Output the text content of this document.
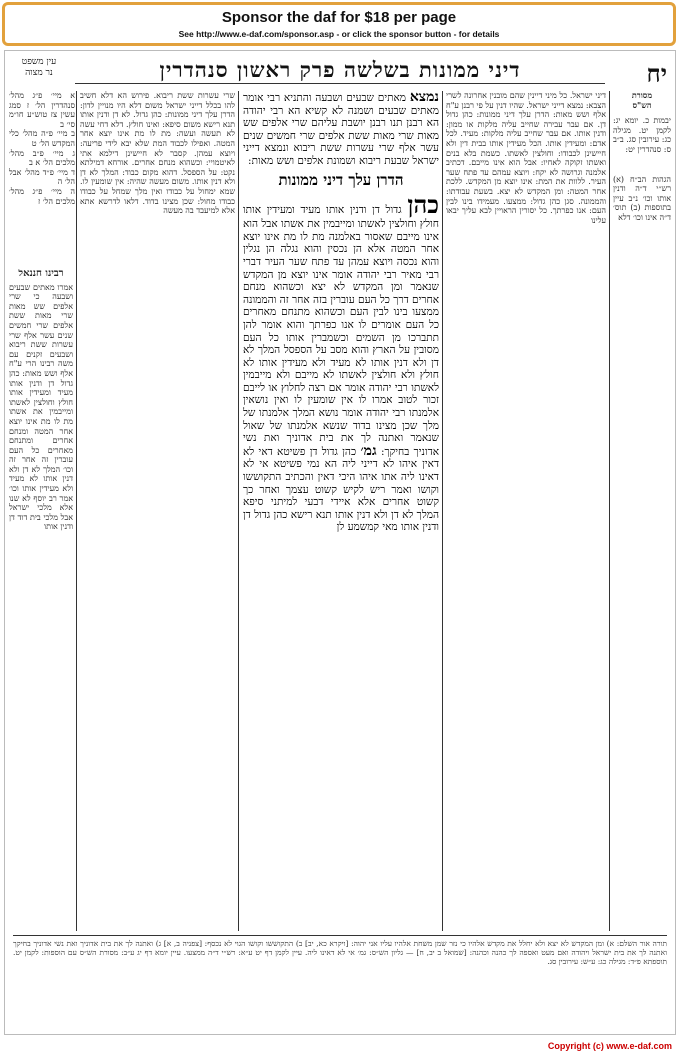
Sponsor the daf for $18 per page
See http://www.e-daf.com/sponsor.asp - or click the sponsor button - for details
יח
דיני ממונות בשלשה פרק ראשון סנהדרין
עין משפט
נר מצוה
א מיי׳ פ״ג מהל׳ סנהדרין הל׳ ז סמג עשין צז טוש״ע חו״מ סי׳ ב
ב מיי׳ פ״ה מהל׳ כלי המקדש הל׳ ט
ג מיי׳ פ״ב מהל׳ מלכים הל׳ א ב
ד מיי׳ פ״ד מהל׳ אבל הל׳ ה
ה מיי׳ פ״ג מהל׳ מלכים הל׳ ז
רבינו חננאל
אמרו מאתים שבעים ושבעה כי שרי אלפים שש מאות שרי מאות ששת אלפים שרי חמשים שנים עשר אלף שרי עשרות ששת ריבוא ושבעים זקנים עם משה רבינו הרי ע"ח אלף ושש מאות: כהן גדול דן ודנין אותו מעיד ומעידין אותו חולץ וחולצין לאשתו ומייבמין את אשתו מת לו מת אינו יוצא אחר המטה ומנחם אחרים ומתנחם מאחרים כל העם עוברין זה אחר זה וכו׳ המלך לא דן ולא דנין אותו לא מעיד ולא מעידין אותו וכו׳ אמר רב יוסף לא שנו אלא מלכי ישראל אבל מלכי בית דוד דן ודנין אותו
שרי עשרות ששת ריבוא. פירוש הא דלא חשיב להו בכלל דייני ישראל משום דלא היו מנויין לדון: הדרן עלך דיני ממונות: כהן גדול. לא דן ודנין אותו תנא רישא משום סיפא: ואינו חולץ. דלא דחי עשה לא תעשה ועשה: מת לו מת אינו יוצא אחר המטה. ואפילו לכבוד המת שלא יבא לידי פריעה: ויוצא עמהן. קסבר לא חיישינן דילמא אתי לאיטמויי: וכשהוא מנחם אחרים. אורחא דמילתא נקט: על הספסל. דהוא מקום כבוד: המלך לא דן ולא דנין אותו. משום מעשה שהיה: אין שומעין לו. שמא ימחול על כבודו ואין מלך שמחל על כבודו כבודו מחול: שכן מצינו בדוד. דלאו לדרשא אתא אלא למיעבד בה מעשה
נמצא מאתים שבעים ושבעה והתניא רבי אומר מאתים שבעים ושמנה לא קשיא הא רבי יהודה הא רבנן תנו רבנן יושבת עליהם שרי אלפים שש מאות שרי מאות ששת אלפים שרי חמשים שנים עשר אלף שרי עשרות ששת ריבוא ונמצא דייני ישראל שבעת ריבוא ושמונת אלפים ושש מאות:
הדרן עלך דיני ממונות
כהן גדול דן ודנין אותו מעיד ומעידין אותו חולץ וחולצין לאשתו ומייבמין את אשתו אבל הוא אינו מייבם שאסור באלמנה מת לו מת אינו יוצא אחר המטה אלא הן נכסין והוא נגלה הן נגלין והוא נכסה ויוצא עמהן עד פתח שער העיר דברי רבי מאיר רבי יהודה אומר אינו יוצא מן המקדש שנאמר ומן המקדש לא יצא וכשהוא מנחם אחרים דרך כל העם עוברין בזה אחר זה והממונה ממצעו בינו לבין העם וכשהוא מתנחם מאחרים כל העם אומרים לו אנו כפרתך והוא אומר להן תתברכו מן השמים וכשמברין אותו כל העם מסובין על הארץ והוא מסב על הספסל המלך לא דן ולא דנין אותו לא מעיד ולא מעידין אותו לא חולץ ולא חולצין לאשתו לא מייבם ולא מייבמין לאשתו רבי יהודה אומר אם רצה לחלוץ או לייבם זכור לטוב אמרו לו אין שומעין לו ואין נושאין אלמנתו רבי יהודה אומר נושא המלך אלמנתו של מלך שכן מצינו בדוד שנשא אלמנתו של שאול שנאמר ואתנה לך את בית אדוניך ואת נשי אדוניך בחיקך: גמ׳ כהן גדול דן פשיטא דאי לא דאין איהו לא דייני ליה הא נמי פשיטא אי לא דאינו ליה אתו איהו היכי דאין והכתיב התקוששו וקושו ואמר ריש לקיש קשוט עצמך ואחר כך קשוט אחרים אלא איידי דבעי למיתני סיפא המלך לא דן ולא דנין אותו תנא רישא כהן גדול דן ודנין אותו מאי קמשמע לן
דיני ישראל. כל מיני דיינין שהם מובנין אחרונה לשרי הצבא: נמצא דייני ישראל. שהיו דנין על פי רבנן ע"ח אלף ושש מאות: הדרן עלך דיני ממונות: כהן גדול דן. אם עבר עבירה שחייב עליה מלקות או ממון: ודנין אותו. אם עבר שחייב עליה מלקות: מעיד. לכל אדם: ומעידין אותו. הכל מעידין אותו בבית דין ולא חיישינן לכבודו: וחולצין לאשתו. כשמת בלא בנים ואשתו זקוקה לאחיו: אבל הוא אינו מייבם. דכתיב אלמנה וגרושה לא יקח: ויוצא עמהם עד פתח שער העיר. ללוות את המת: אינו יוצא מן המקדש. ללכת אחר המטה: ומן המקדש לא יצא. בשעת עבודתו: והממונה. סגן כהן גדול: ממצעו. מעמידו בינו לבין העם: אנו כפרתך. כל יסורין הראויין לבא עליך יבאו עלינו
מסורת
הש"ס
יבמות כ. יומא יג: לקמן יט. מגילה כג: עירובין סג. ב״ב ס: סנהדרין יט:
הגהות הב״ח (א) רש״י ד״ה ודנין אותו וכו׳ נ״ב עיין בתוספות (ב) תוס׳ ד״ה אינו וכו׳ דלא
תורה אור השלם: א) ומן המקדש לא יצא ולא יחלל את מקדש אלהיו כי נזר שמן משחת אלהיו עליו אני יהוה: [ויקרא כא, יב] ב) התקוששו וקושו הגוי לא נכסף: [צפניה ב, א] ג) ואתנה לך את בית אדוניך ואת נשי אדוניך בחיקך ואתנה לך את בית ישראל ויהודה ואם מעט ואספה לך כהנה וכהנה: [שמואל ב יב, ח] — גליון הש״ס: גמ׳ אי לא דאינו ליה. עיין לקמן דף יט ע״א: רש״י ד״ה ממצעו. עיין יומא דף יג ע״ב: מסורת הש״ס עם הוספות: לקמן יט. תוספתא פ״ד: מגילה כג: ע״ש: עירובין סג.
Copyright (c) www.e-daf.com
